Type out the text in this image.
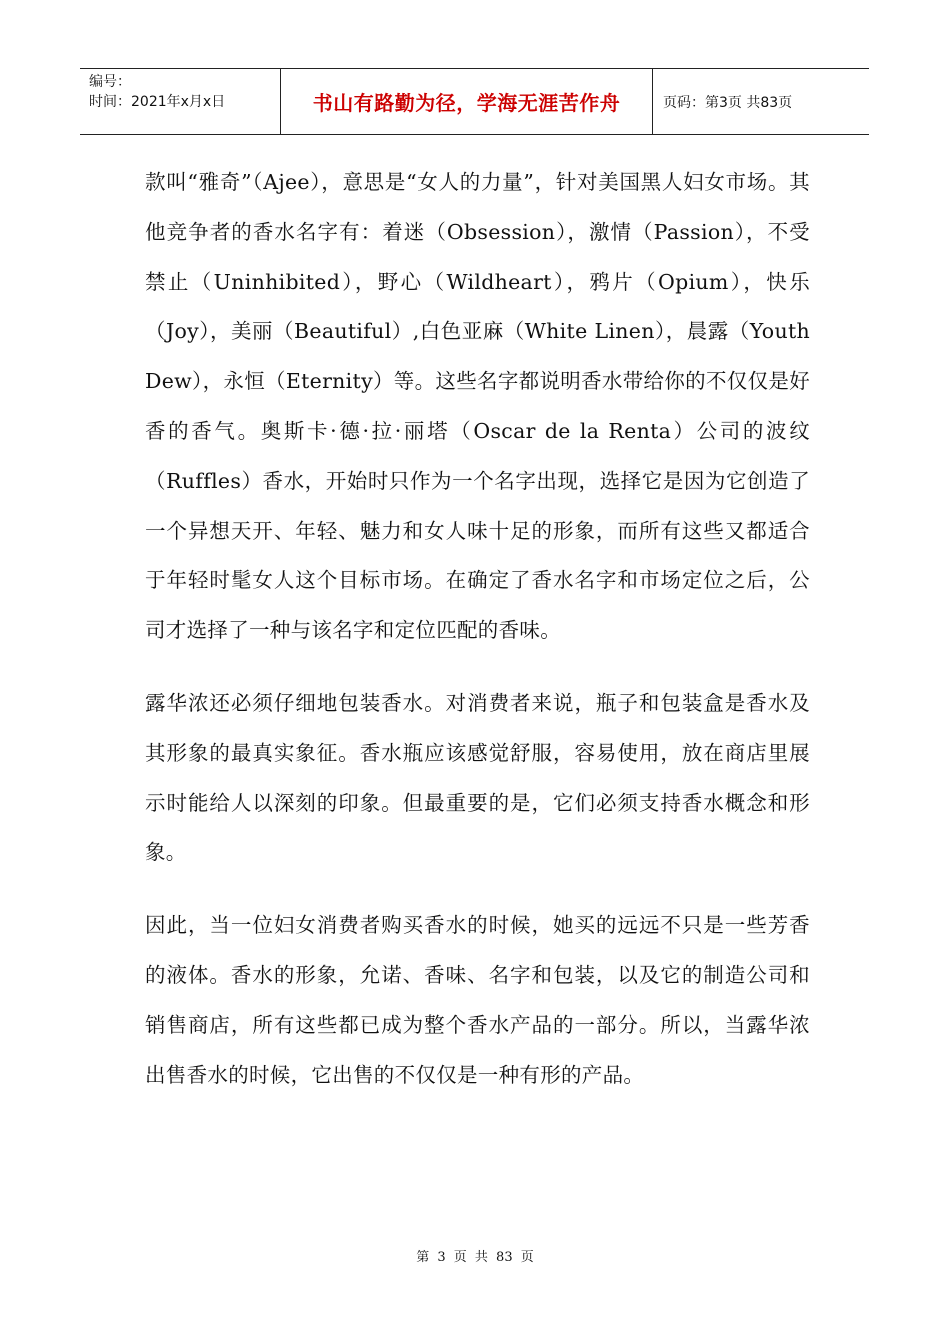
编号：
时间：2021年x月x日	书山有路勤为径，学海无涯苦作舟	页码：第3页 共83页

款叫“雅奇”（Ajee），意思是“女人的力量”，针对美国黑人妇女市场。其他竞争者的香水名字有：着迷（Obsession），激情（Passion），不受禁止（Uninhibited），野心（Wildheart），鸦片（Opium），快乐（Joy），美丽（Beautiful）,白色亚麻（White Linen），晨露（Youth Dew），永恒（Eternity）等。这些名字都说明香水带给你的不仅仅是好香的香气。奥斯卡·德·拉·丽塔（Oscar de la Renta）公司的波纹（Ruffles）香水，开始时只作为一个名字出现，选择它是因为它创造了一个异想天开、年轻、魅力和女人味十足的形象，而所有这些又都适合于年轻时髦女人这个目标市场。在确定了香水名字和市场定位之后，公司才选择了一种与该名字和定位匹配的香味。

露华浓还必须仔细地包装香水。对消费者来说，瓶子和包装盒是香水及其形象的最真实象征。香水瓶应该感觉舒服，容易使用，放在商店里展示时能给人以深刻的印象。但最重要的是，它们必须支持香水概念和形象。

因此，当一位妇女消费者购买香水的时候，她买的远远不只是一些芳香的液体。香水的形象，允诺、香味、名字和包装，以及它的制造公司和销售商店，所有这些都已成为整个香水产品的一部分。所以，当露华浓出售香水的时候，它出售的不仅仅是一种有形的产品。

第 3 页 共 83 页
